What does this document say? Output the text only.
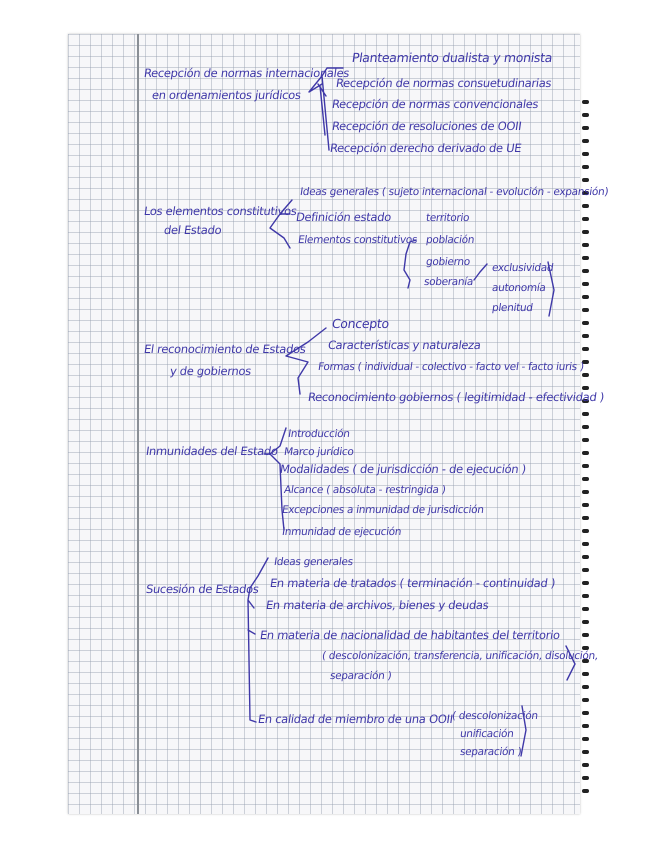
Recepción de normas internacionales
en ordenamientos jurídicos
Planteamiento dualista y monista
Recepción de normas consuetudinarias
Recepción de normas convencionales
Recepción de resoluciones de OOII
Recepción derecho derivado de UE
Los elementos constitutivos
del Estado
Ideas generales ( sujeto internacional - evolución - expansión)
Definición estado
Elementos constitutivos
territorio
población
gobierno
soberanía
exclusividad
autonomía
plenitud
El reconocimiento de Estados
y de gobiernos
Concepto
Características y naturaleza
Formas ( individual - colectivo - facto vel - facto iuris )
Reconocimiento gobiernos ( legitimidad - efectividad )
Inmunidades del Estado
Introducción
Marco jurídico
Modalidades ( de jurisdicción - de ejecución )
Alcance ( absoluta - restringida )
Excepciones a inmunidad de jurisdicción
Inmunidad de ejecución
Sucesión de Estados
Ideas generales
En materia de tratados ( terminación - continuidad )
En materia de archivos, bienes y deudas
En materia de nacionalidad de habitantes del territorio
( descolonización, transferencia, unificación, disolución,
separación )
En calidad de miembro de una OOII
( descolonización
unificación
separación )
